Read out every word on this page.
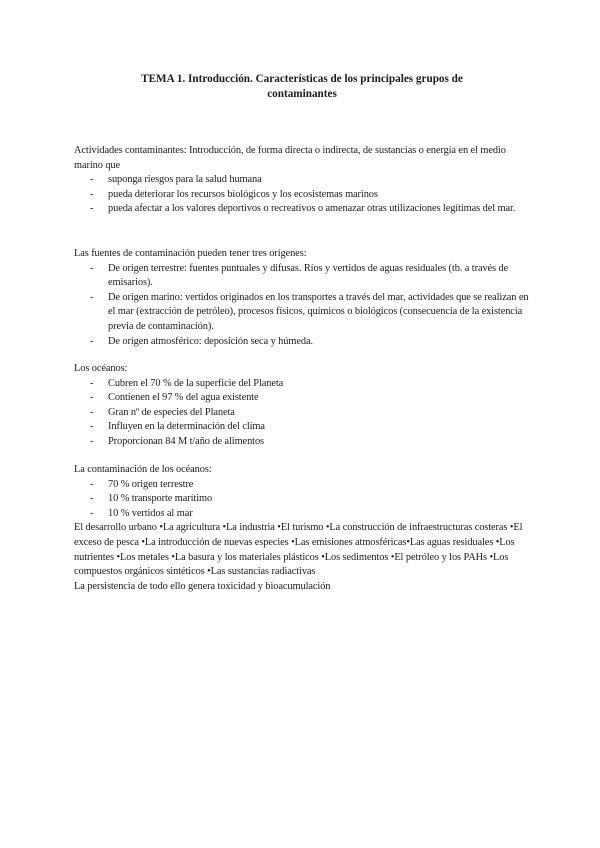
TEMA 1. Introducción. Características de los principales grupos de
contaminantes

Actividades contaminantes: Introducción, de forma directa o indirecta, de sustancias o energía en el medio marino que

- suponga riesgos para la salud humana
- pueda deteriorar los recursos biológicos y los ecosistemas marinos
- pueda afectar a los valores deportivos o recreativos o amenazar otras utilizaciones legítimas del mar.

Las fuentes de contaminación pueden tener tres orígenes:

- De origen terrestre: fuentes puntuales y difusas. Ríos y vertidos de aguas residuales (tb. a través de emisarios).
- De origen marino: vertidos originados en los transportes a través del mar, actividades que se realizan en el mar (extracción de petróleo), procesos físicos, químicos o biológicos (consecuencia de la existencia previa de contaminación).
- De origen atmosférico: deposición seca y húmeda.

Los océanos:

- Cubren el 70 % de la superficie del Planeta
- Contienen el 97 % del agua existente
- Gran nº de especies del Planeta
- Influyen en la determinación del clima
- Proporcionan 84 M t/año de alimentos

La contaminación de los océanos:

- 70 % origen terrestre
- 10 % transporte marítimo
- 10 % vertidos al mar

El desarrollo urbano •La agricultura •La industria •El turismo •La construcción de infraestructuras costeras •El exceso de pesca •La introducción de nuevas especies •Las emisiones atmosféricas•Las aguas residuales •Los nutrientes •Los metales •La basura y los materiales plásticos •Los sedimentos •El petróleo y los PAHs •Los compuestos orgánicos sintéticos •Las sustancias radiactivas

La persistencia de todo ello genera toxicidad y bioacumulación
